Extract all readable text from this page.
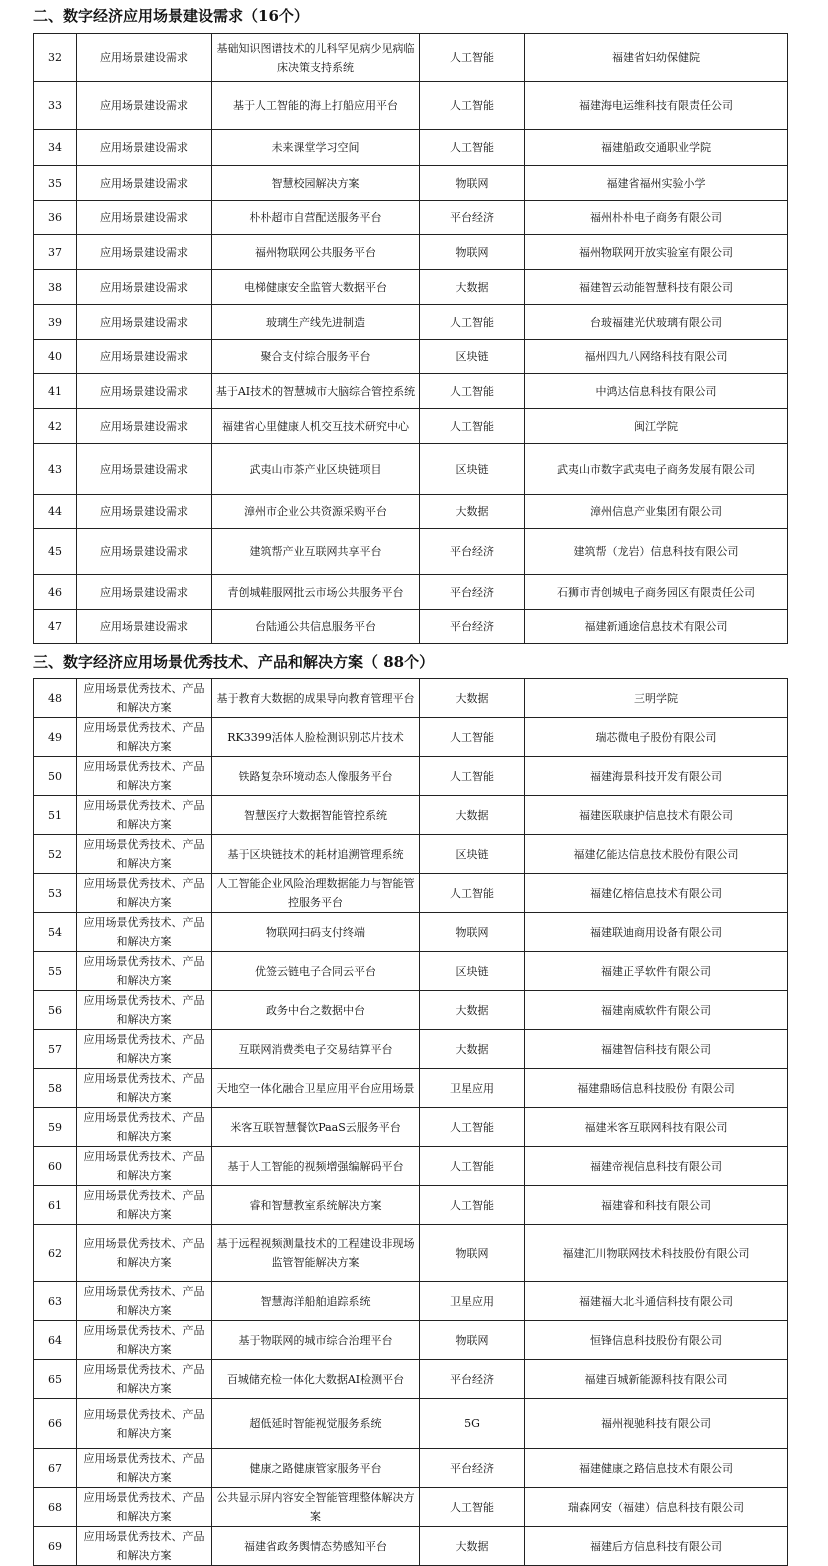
二、数字经济应用场景建设需求（16个）
32	应用场景建设需求	基础知识图谱技术的儿科罕见病少见病临床决策支持系统	人工智能	福建省妇幼保健院
33	应用场景建设需求	基于人工智能的海上打船应用平台	人工智能	福建海电运维科技有限责任公司
34	应用场景建设需求	未来课堂学习空间	人工智能	福建船政交通职业学院
35	应用场景建设需求	智慧校园解决方案	物联网	福建省福州实验小学
36	应用场景建设需求	朴朴超市自营配送服务平台	平台经济	福州朴朴电子商务有限公司
37	应用场景建设需求	福州物联网公共服务平台	物联网	福州物联网开放实验室有限公司
38	应用场景建设需求	电梯健康安全监管大数据平台	大数据	福建智云动能智慧科技有限公司
39	应用场景建设需求	玻璃生产线先进制造	人工智能	台玻福建光伏玻璃有限公司
40	应用场景建设需求	聚合支付综合服务平台	区块链	福州四九八网络科技有限公司
41	应用场景建设需求	基于AI技术的智慧城市大脑综合管控系统	人工智能	中鸿达信息科技有限公司
42	应用场景建设需求	福建省心里健康人机交互技术研究中心	人工智能	闽江学院
43	应用场景建设需求	武夷山市茶产业区块链项目	区块链	武夷山市数字武夷电子商务发展有限公司
44	应用场景建设需求	漳州市企业公共资源采购平台	大数据	漳州信息产业集团有限公司
45	应用场景建设需求	建筑帮产业互联网共享平台	平台经济	建筑帮（龙岩）信息科技有限公司
46	应用场景建设需求	青创城鞋服网批云市场公共服务平台	平台经济	石狮市青创城电子商务园区有限责任公司
47	应用场景建设需求	台陆通公共信息服务平台	平台经济	福建新通途信息技术有限公司
三、数字经济应用场景优秀技术、产品和解决方案（ 88个）
48	应用场景优秀技术、产品和解决方案	基于教育大数据的成果导向教育管理平台	大数据	三明学院
49	应用场景优秀技术、产品和解决方案	RK3399活体人脸检测识别芯片技术	人工智能	瑞芯微电子股份有限公司
50	应用场景优秀技术、产品和解决方案	铁路复杂环境动态人像服务平台	人工智能	福建海景科技开发有限公司
51	应用场景优秀技术、产品和解决方案	智慧医疗大数据智能管控系统	大数据	福建医联康护信息技术有限公司
52	应用场景优秀技术、产品和解决方案	基于区块链技术的耗材追溯管理系统	区块链	福建亿能达信息技术股份有限公司
53	应用场景优秀技术、产品和解决方案	人工智能企业风险治理数据能力与智能管控服务平台	人工智能	福建亿榕信息技术有限公司
54	应用场景优秀技术、产品和解决方案	物联网扫码支付终端	物联网	福建联迪商用设备有限公司
55	应用场景优秀技术、产品和解决方案	优签云链电子合同云平台	区块链	福建正孚软件有限公司
56	应用场景优秀技术、产品和解决方案	政务中台之数据中台	大数据	福建南威软件有限公司
57	应用场景优秀技术、产品和解决方案	互联网消费类电子交易结算平台	大数据	福建智信科技有限公司
58	应用场景优秀技术、产品和解决方案	天地空一体化融合卫星应用平台应用场景	卫星应用	福建鼎旸信息科技股份 有限公司
59	应用场景优秀技术、产品和解决方案	米客互联智慧餐饮PaaS云服务平台	人工智能	福建米客互联网科技有限公司
60	应用场景优秀技术、产品和解决方案	基于人工智能的视频增强编解码平台	人工智能	福建帝视信息科技有限公司
61	应用场景优秀技术、产品和解决方案	睿和智慧教室系统解决方案	人工智能	福建睿和科技有限公司
62	应用场景优秀技术、产品和解决方案	基于远程视频测量技术的工程建设非现场监管智能解决方案	物联网	福建汇川物联网技术科技股份有限公司
63	应用场景优秀技术、产品和解决方案	智慧海洋船舶追踪系统	卫星应用	福建福大北斗通信科技有限公司
64	应用场景优秀技术、产品和解决方案	基于物联网的城市综合治理平台	物联网	恒锋信息科技股份有限公司
65	应用场景优秀技术、产品和解决方案	百城储充检一体化大数据AI检测平台	平台经济	福建百城新能源科技有限公司
66	应用场景优秀技术、产品和解决方案	超低延时智能视觉服务系统	5G	福州视驰科技有限公司
67	应用场景优秀技术、产品和解决方案	健康之路健康管家服务平台	平台经济	福建健康之路信息技术有限公司
68	应用场景优秀技术、产品和解决方案	公共显示屏内容安全智能管理整体解决方案	人工智能	瑞森网安（福建）信息科技有限公司
69	应用场景优秀技术、产品和解决方案	福建省政务舆情态势感知平台	大数据	福建后方信息科技有限公司
